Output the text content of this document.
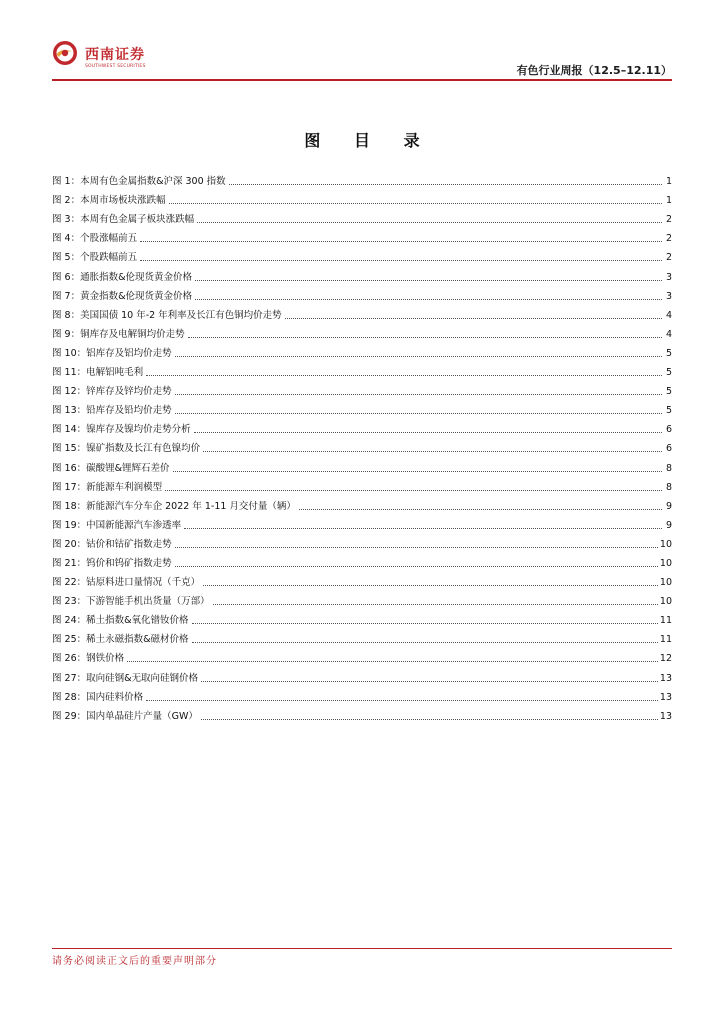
西南证券
SOUTHWEST SECURITIES	有色行业周报（12.5–12.11）
图 目 录
图 1：本周有色金属指数&沪深 300 指数	1
图 2：本周市场板块涨跌幅	1
图 3：本周有色金属子板块涨跌幅	2
图 4：个股涨幅前五	2
图 5：个股跌幅前五	2
图 6：通胀指数&伦现货黄金价格	3
图 7：黄金指数&伦现货黄金价格	3
图 8：美国国债 10 年-2 年利率及长江有色铜均价走势	4
图 9：铜库存及电解铜均价走势	4
图 10：铝库存及铝均价走势	5
图 11：电解铝吨毛利	5
图 12：锌库存及锌均价走势	5
图 13：铅库存及铅均价走势	5
图 14：镍库存及镍均价走势分析	6
图 15：镍矿指数及长江有色镍均价	6
图 16：碳酸锂&锂辉石差价	8
图 17：新能源车利润模型	8
图 18：新能源汽车分车企 2022 年 1-11 月交付量（辆）	9
图 19：中国新能源汽车渗透率	9
图 20：钴价和钴矿指数走势	10
图 21：钨价和钨矿指数走势	10
图 22：钴原料进口量情况（千克）	10
图 23：下游智能手机出货量（万部）	10
图 24：稀土指数&氧化镨钕价格	11
图 25：稀土永磁指数&磁材价格	11
图 26：钢铁价格	12
图 27：取向硅钢&无取向硅钢价格	13
图 28：国内硅料价格	13
图 29：国内单晶硅片产量（GW）	13
请务必阅读正文后的重要声明部分
